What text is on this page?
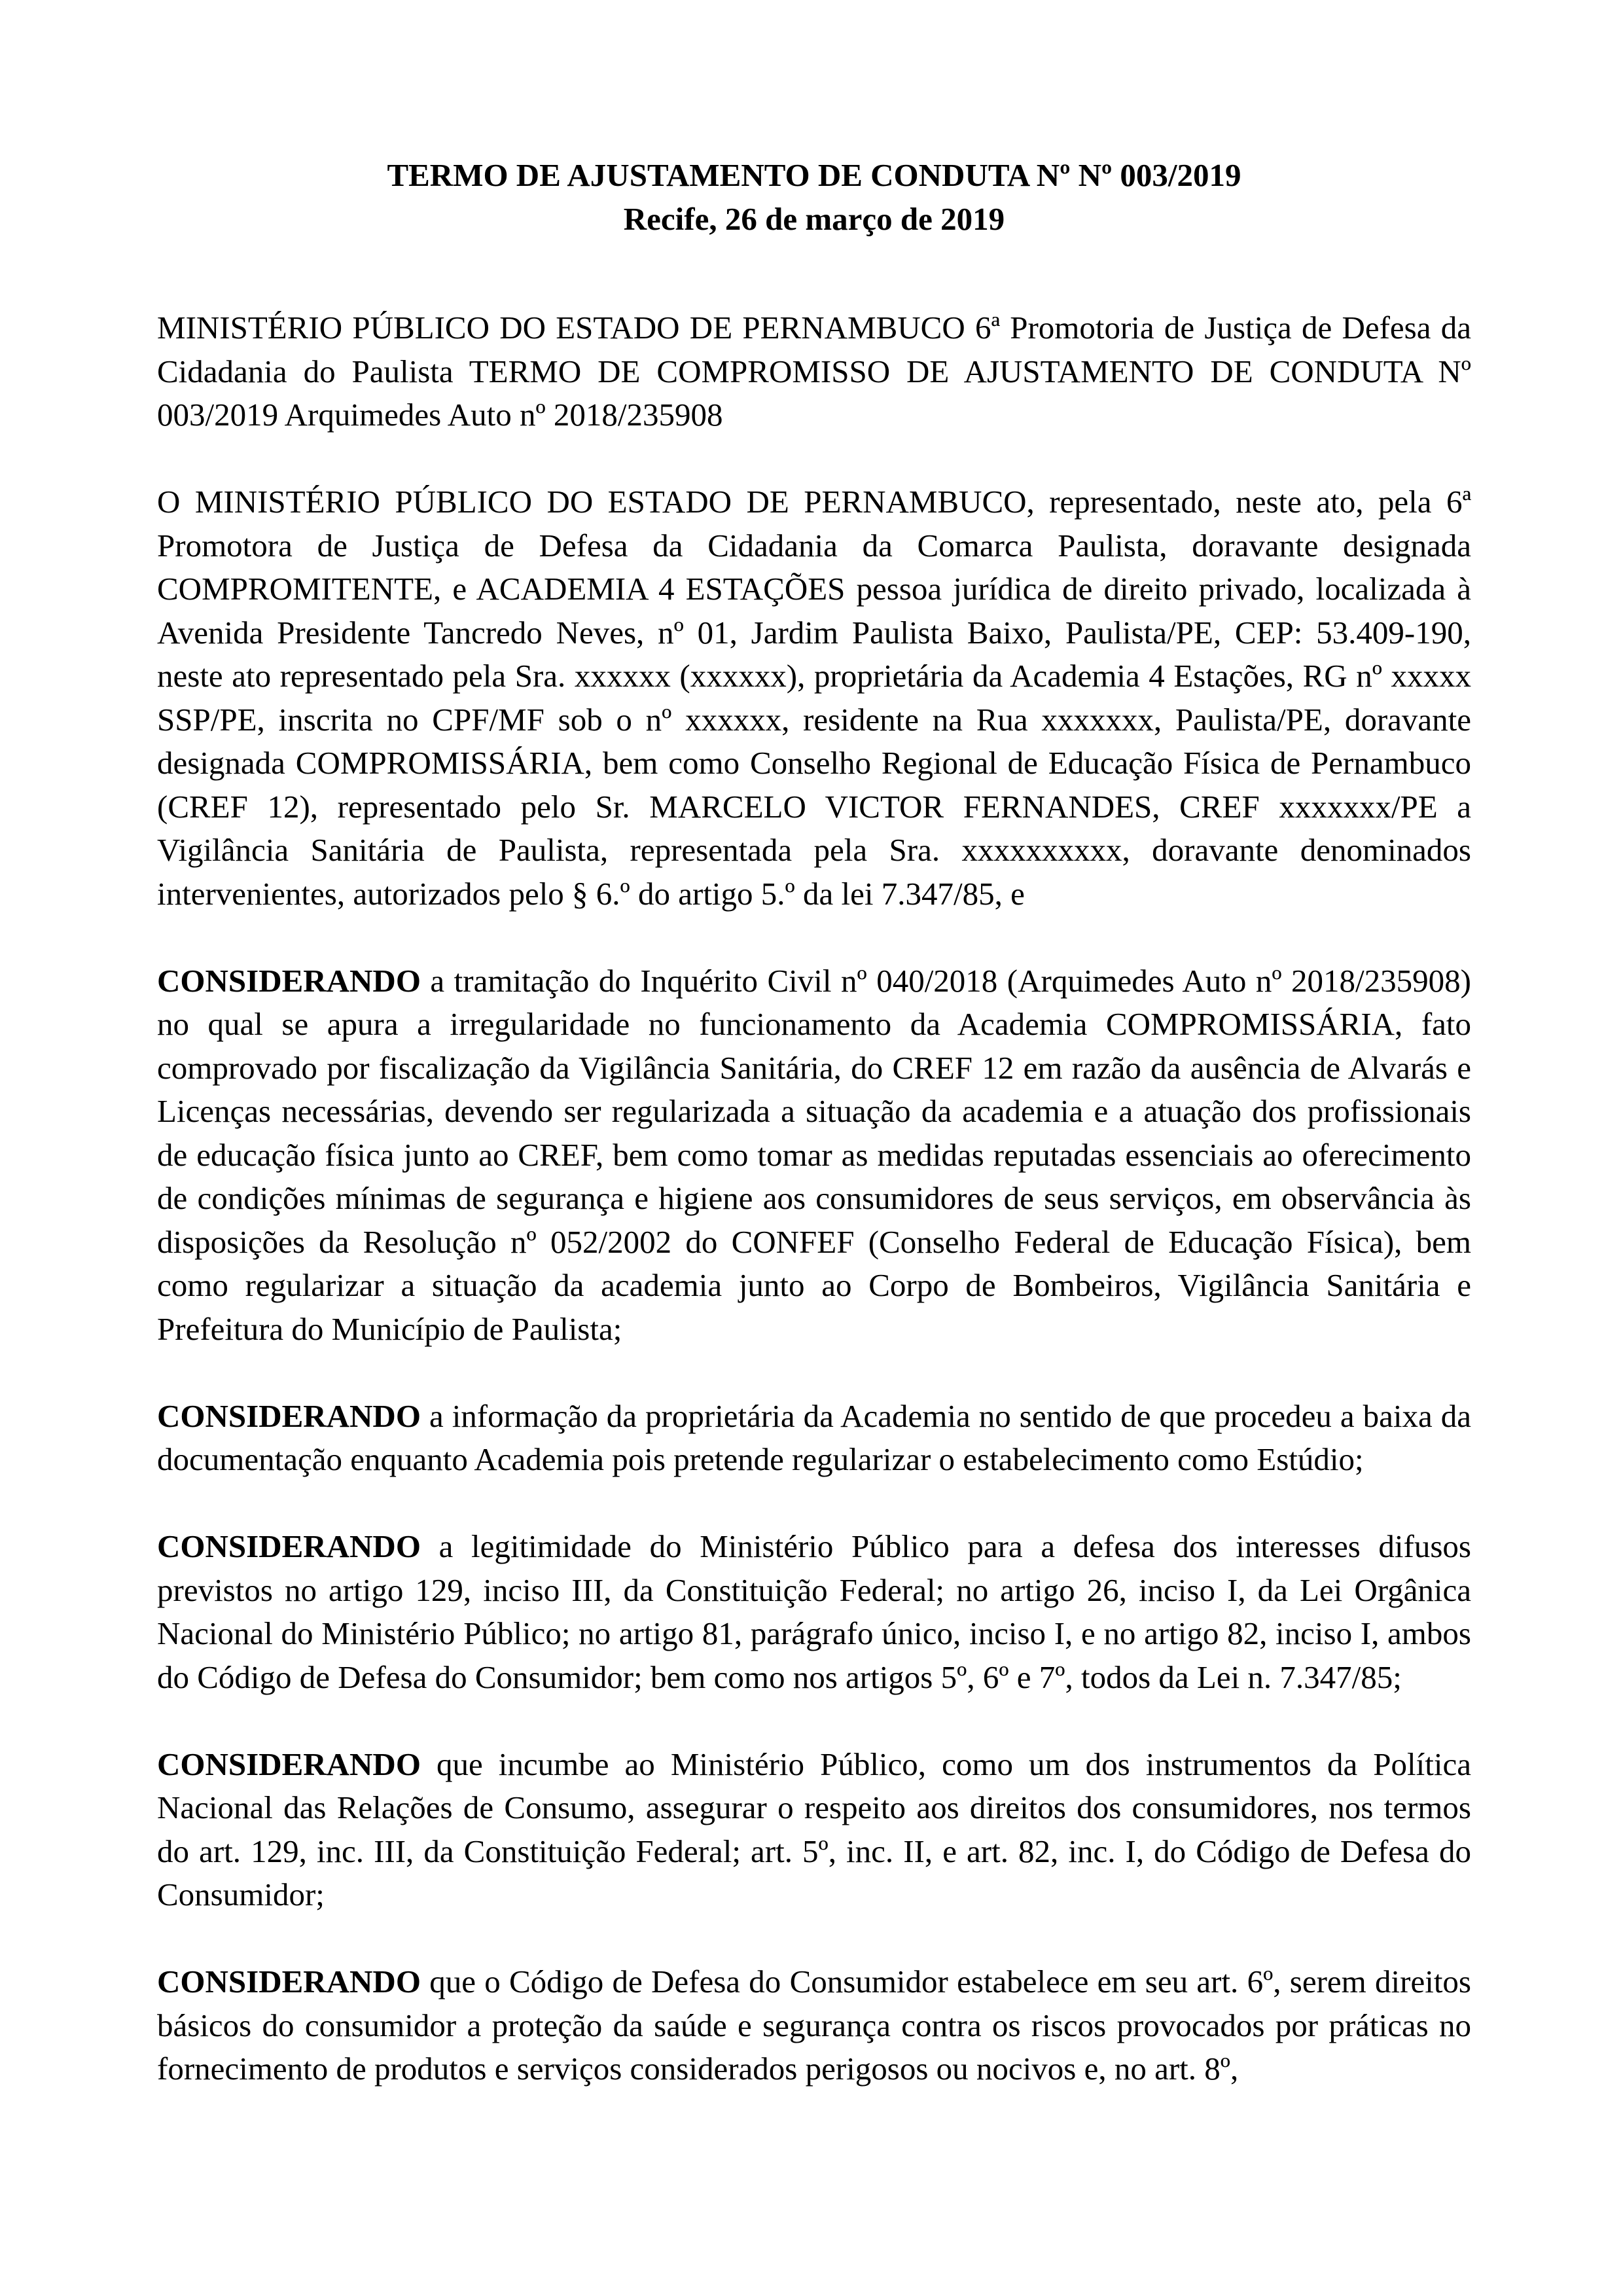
TERMO DE AJUSTAMENTO DE CONDUTA Nº Nº 003/2019

Recife, 26 de março de 2019

MINISTÉRIO PÚBLICO DO ESTADO DE PERNAMBUCO 6ª Promotoria de Justiça de Defesa da Cidadania do Paulista TERMO DE COMPROMISSO DE AJUSTAMENTO DE CONDUTA Nº 003/2019 Arquimedes Auto nº 2018/235908

O MINISTÉRIO PÚBLICO DO ESTADO DE PERNAMBUCO, representado, neste ato, pela 6ª Promotora de Justiça de Defesa da Cidadania da Comarca Paulista, doravante designada COMPROMITENTE, e ACADEMIA 4 ESTAÇÕES pessoa jurídica de direito privado, localizada à Avenida Presidente Tancredo Neves, nº 01, Jardim Paulista Baixo, Paulista/PE, CEP: 53.409-190, neste ato representado pela Sra. xxxxxx (xxxxxx), proprietária da Academia 4 Estações, RG nº xxxxx SSP/PE, inscrita no CPF/MF sob o nº xxxxxx, residente na Rua xxxxxxx, Paulista/PE, doravante designada COMPROMISSÁRIA, bem como Conselho Regional de Educação Física de Pernambuco (CREF 12), representado pelo Sr. MARCELO VICTOR FERNANDES, CREF xxxxxxx/PE a Vigilância Sanitária de Paulista, representada pela Sra. xxxxxxxxxx, doravante denominados intervenientes, autorizados pelo § 6.º do artigo 5.º da lei 7.347/85, e

CONSIDERANDO a tramitação do Inquérito Civil nº 040/2018 (Arquimedes Auto nº 2018/235908) no qual se apura a irregularidade no funcionamento da Academia COMPROMISSÁRIA, fato comprovado por fiscalização da Vigilância Sanitária, do CREF 12 em razão da ausência de Alvarás e Licenças necessárias, devendo ser regularizada a situação da academia e a atuação dos profissionais de educação física junto ao CREF, bem como tomar as medidas reputadas essenciais ao oferecimento de condições mínimas de segurança e higiene aos consumidores de seus serviços, em observância às disposições da Resolução nº 052/2002 do CONFEF (Conselho Federal de Educação Física), bem como regularizar a situação da academia junto ao Corpo de Bombeiros, Vigilância Sanitária e Prefeitura do Município de Paulista;

CONSIDERANDO a informação da proprietária da Academia no sentido de que procedeu a baixa da documentação enquanto Academia pois pretende regularizar o estabelecimento como Estúdio;

CONSIDERANDO a legitimidade do Ministério Público para a defesa dos interesses difusos previstos no artigo 129, inciso III, da Constituição Federal; no artigo 26, inciso I, da Lei Orgânica Nacional do Ministério Público; no artigo 81, parágrafo único, inciso I, e no artigo 82, inciso I, ambos do Código de Defesa do Consumidor; bem como nos artigos 5º, 6º e 7º, todos da Lei n. 7.347/85;

CONSIDERANDO que incumbe ao Ministério Público, como um dos instrumentos da Política Nacional das Relações de Consumo, assegurar o respeito aos direitos dos consumidores, nos termos do art. 129, inc. III, da Constituição Federal; art. 5º, inc. II, e art. 82, inc. I, do Código de Defesa do Consumidor;

CONSIDERANDO que o Código de Defesa do Consumidor estabelece em seu art. 6º, serem direitos básicos do consumidor a proteção da saúde e segurança contra os riscos provocados por práticas no fornecimento de produtos e serviços considerados perigosos ou nocivos e, no art. 8º,
